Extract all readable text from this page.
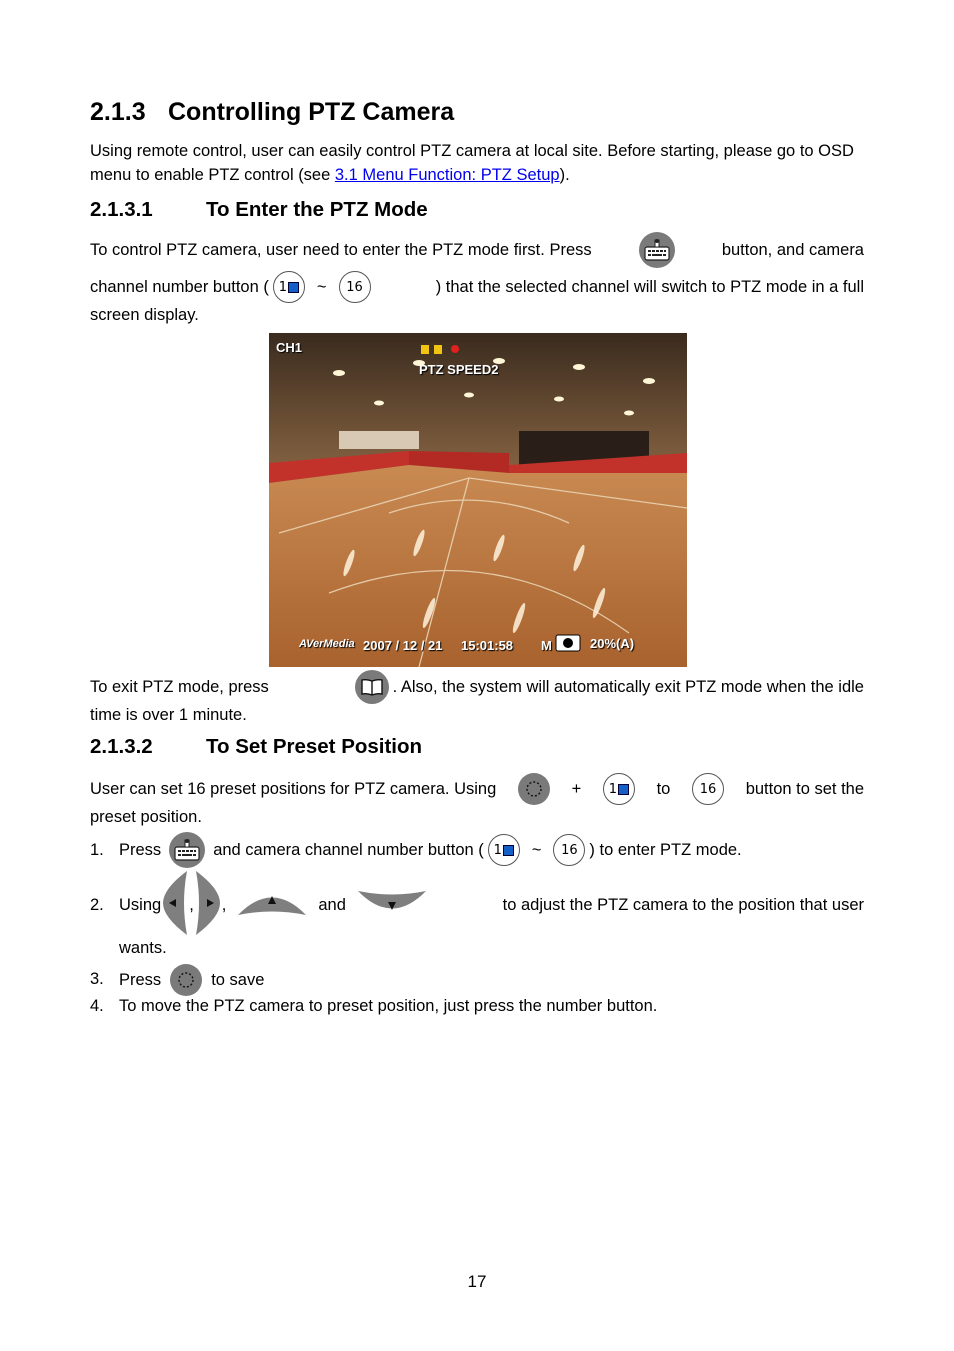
2.1.3 Controlling PTZ Camera
Using remote control, user can easily control PTZ camera at local site. Before starting, please go to OSD menu to enable PTZ control (see 3.1 Menu Function: PTZ Setup).
2.1.3.1	To Enter the PTZ Mode
To control PTZ camera, user need to enter the PTZ mode first. Press	button, and camera
channel number button ( 1 ~ 16	) that the selected channel will switch to PTZ mode in a full
screen display.
CH1
PTZ SPEED2
AVerMedia 2007 / 12 / 21 15:01:58 M	20%(A)
To exit PTZ mode, press	. Also, the system will automatically exit PTZ mode when the idle
time is over 1 minute.
2.1.3.2	To Set Preset Position
User can set 16 preset positions for PTZ camera. Using	+ 1 to 16 button to set the
preset position.
1. Press	and camera channel number button ( 1 ~ 16 ) to enter PTZ mode.
2. Using , ,	and	to adjust the PTZ camera to the position that user
wants.
3. Press	to save
4. To move the PTZ camera to preset position, just press the number button.
17
